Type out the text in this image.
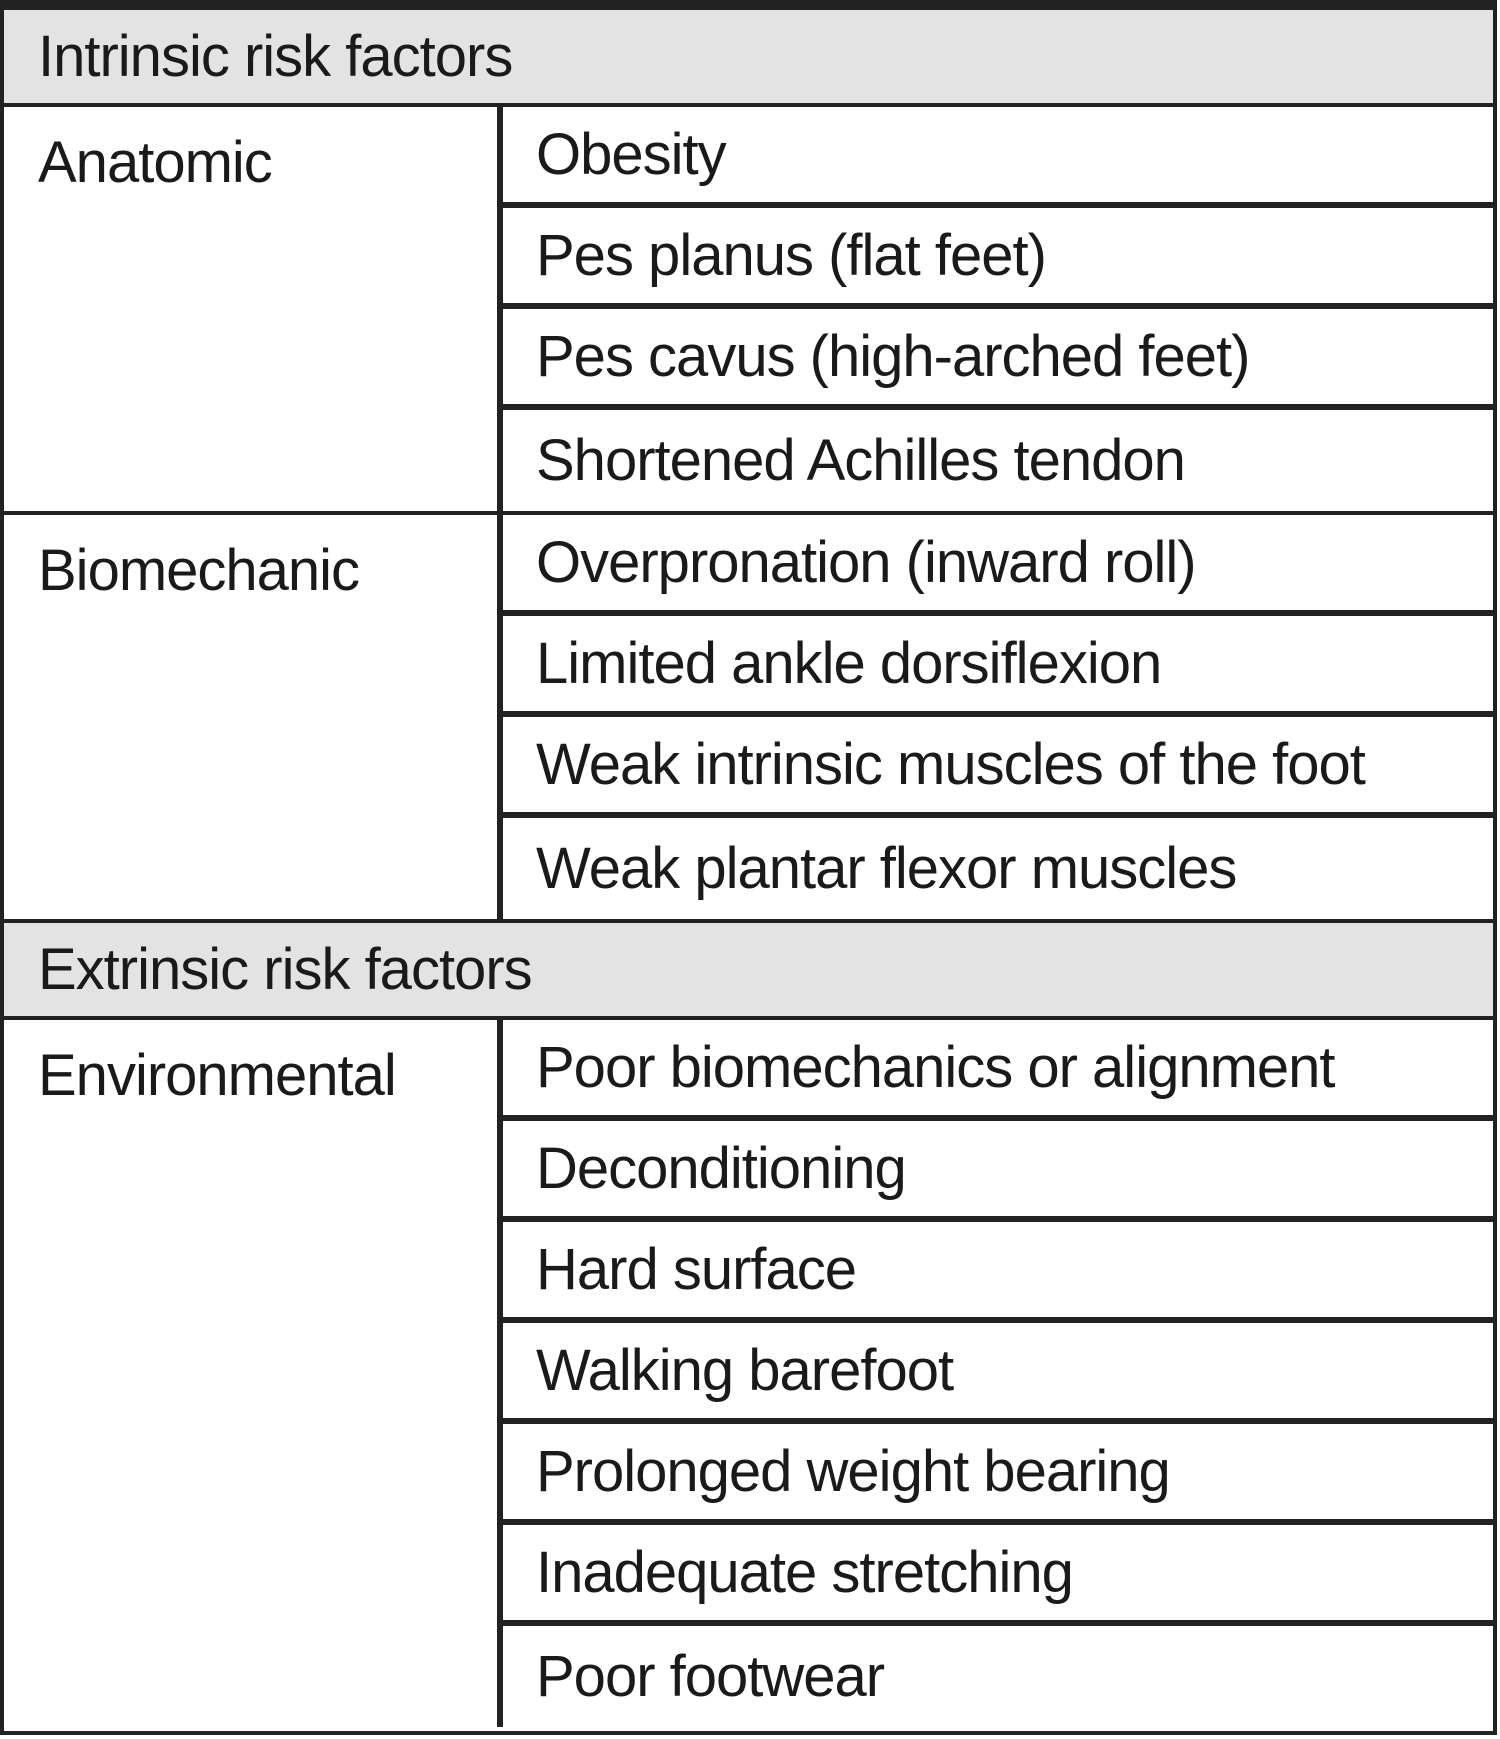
Intrinsic risk factors
Anatomic	Obesity
Pes planus (flat feet)
Pes cavus (high-arched feet)
Shortened Achilles tendon
Biomechanic	Overpronation (inward roll)
Limited ankle dorsiflexion
Weak intrinsic muscles of the foot
Weak plantar flexor muscles
Extrinsic risk factors
Environmental	Poor biomechanics or alignment
Deconditioning
Hard surface
Walking barefoot
Prolonged weight bearing
Inadequate stretching
Poor footwear
